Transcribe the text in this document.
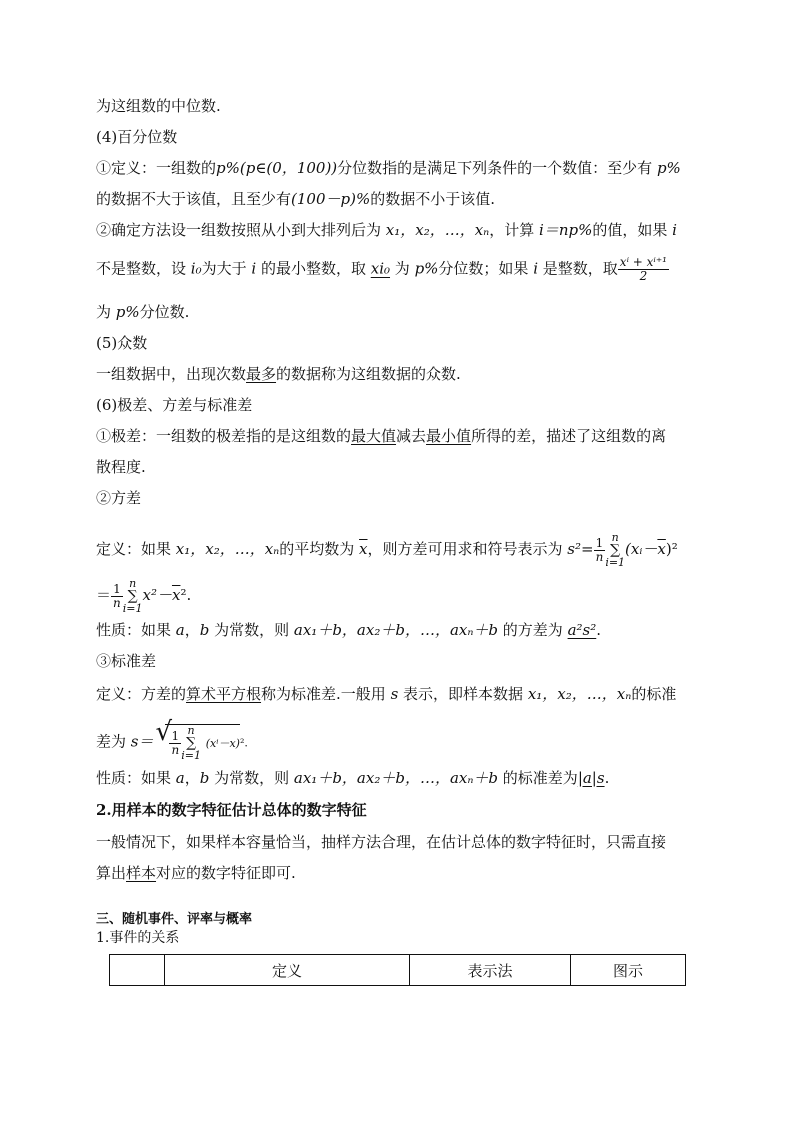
为这组数的中位数.
(4)百分位数
①定义：一组数的p%(p∈(0，100))分位数指的是满足下列条件的一个数值：至少有 p%
的数据不大于该值，且至少有(100－p)%的数据不小于该值.
②确定方法设一组数按照从小到大排列后为 x₁，x₂，…，xₙ，计算 i＝np%的值，如果 i
不是整数，设 i₀为大于 i 的最小整数，取 xi₀ 为 p%分位数；如果 i 是整数，取 $\frac{\text{xⁱ + xⁱ⁺¹}}{2}$
为 p%分位数.
(5)众数
一组数据中，出现次数最多的数据称为这组数据的众数.
(6)极差、方差与标准差
①极差：一组数的极差指的是这组数的最大值减去最小值所得的差，描述了这组数的离
散程度.
②方差
定义：如果 x₁，x₂，…，xₙ的平均数为 $\overline{x}$，则方差可用求和符号表示为 $s^2= \frac{1}{n}$ n
∑
$i=1(xᵢ-\overline{x})^2$
＝ $\frac{1}{n}$ n
∑
$i=1x^2-\overline{x}^2$.
性质：如果 a，b 为常数，则 ax₁＋b，ax₂＋b，…，axₙ＋b 的方差为 a²s².
③标准差
定义：方差的算术平方根称为标准差.一般用 s 表示，即样本数据 x₁，x₂，…，xₙ的标准
差为 s＝ √ $\frac{1}{n}$ n
∑
i=1 (xⁱ－x)².
性质：如果 a，b 为常数，则 ax₁＋b，ax₂＋b，…，axₙ＋b 的标准差为|a|s.
2.用样本的数字特征估计总体的数字特征
一般情况下，如果样本容量恰当，抽样方法合理，在估计总体的数字特征时，只需直接
算出样本对应的数字特征即可.
三、随机事件、评率与概率
1.事件的关系
	定义	表示法	图示
